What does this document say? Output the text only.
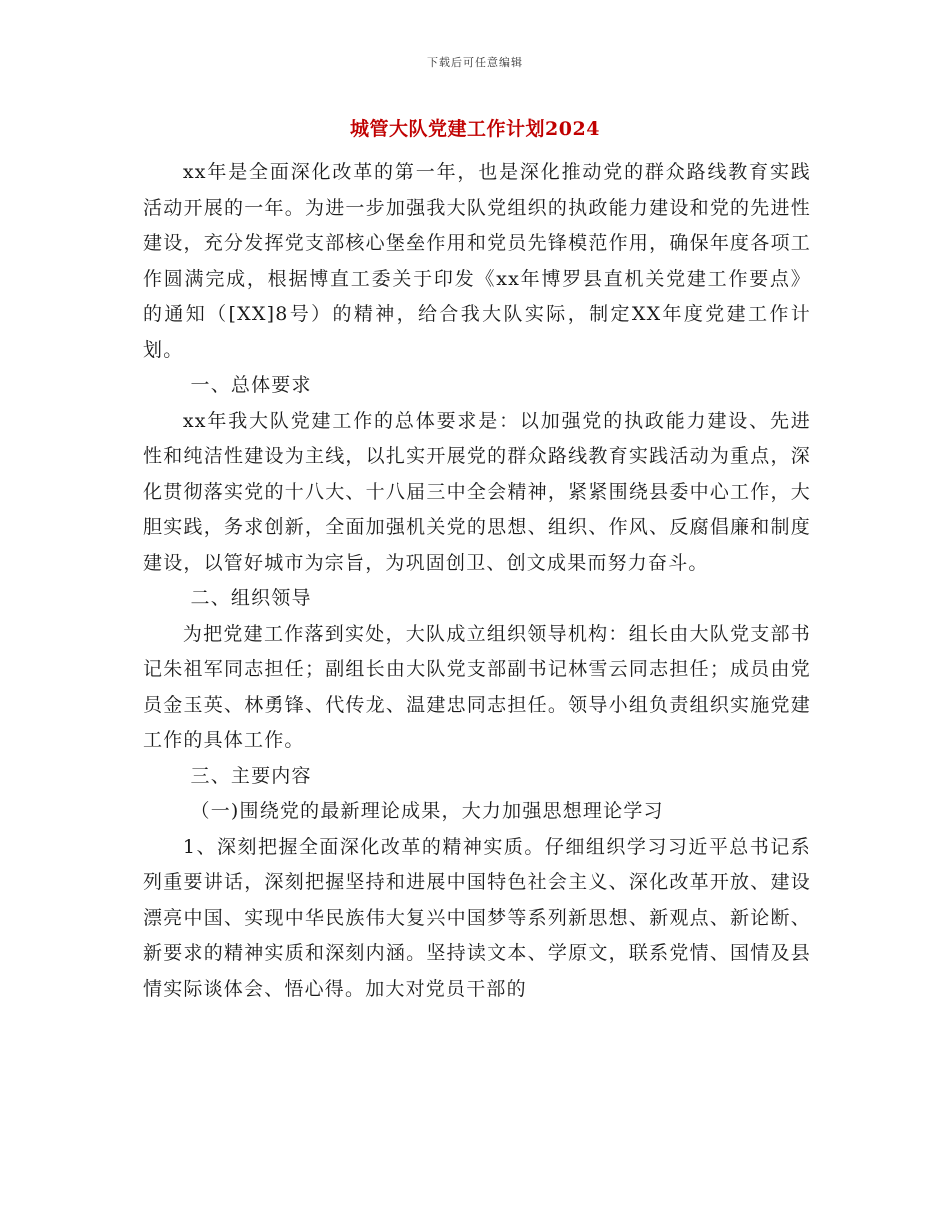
下载后可任意编辑
城管大队党建工作计划2024

xx年是全面深化改革的第一年，也是深化推动党的群众路线教育实践活动开展的一年。为进一步加强我大队党组织的执政能力建设和党的先进性建设，充分发挥党支部核心堡垒作用和党员先锋模范作用，确保年度各项工作圆满完成，根据博直工委关于印发《xx年博罗县直机关党建工作要点》的通知（[XX]8号）的精神，给合我大队实际，制定XX年度党建工作计划。

一、总体要求

xx年我大队党建工作的总体要求是：以加强党的执政能力建设、先进性和纯洁性建设为主线，以扎实开展党的群众路线教育实践活动为重点，深化贯彻落实党的十八大、十八届三中全会精神，紧紧围绕县委中心工作，大胆实践，务求创新，全面加强机关党的思想、组织、作风、反腐倡廉和制度建设，以管好城市为宗旨，为巩固创卫、创文成果而努力奋斗。

二、组织领导

为把党建工作落到实处，大队成立组织领导机构：组长由大队党支部书记朱祖军同志担任；副组长由大队党支部副书记林雪云同志担任；成员由党员金玉英、林勇锋、代传龙、温建忠同志担任。领导小组负责组织实施党建工作的具体工作。

三、主要内容

（一)围绕党的最新理论成果，大力加强思想理论学习

1、深刻把握全面深化改革的精神实质。仔细组织学习习近平总书记系列重要讲话，深刻把握坚持和进展中国特色社会主义、深化改革开放、建设漂亮中国、实现中华民族伟大复兴中国梦等系列新思想、新观点、新论断、新要求的精神实质和深刻内涵。坚持读文本、学原文，联系党情、国情及县情实际谈体会、悟心得。加大对党员干部的
